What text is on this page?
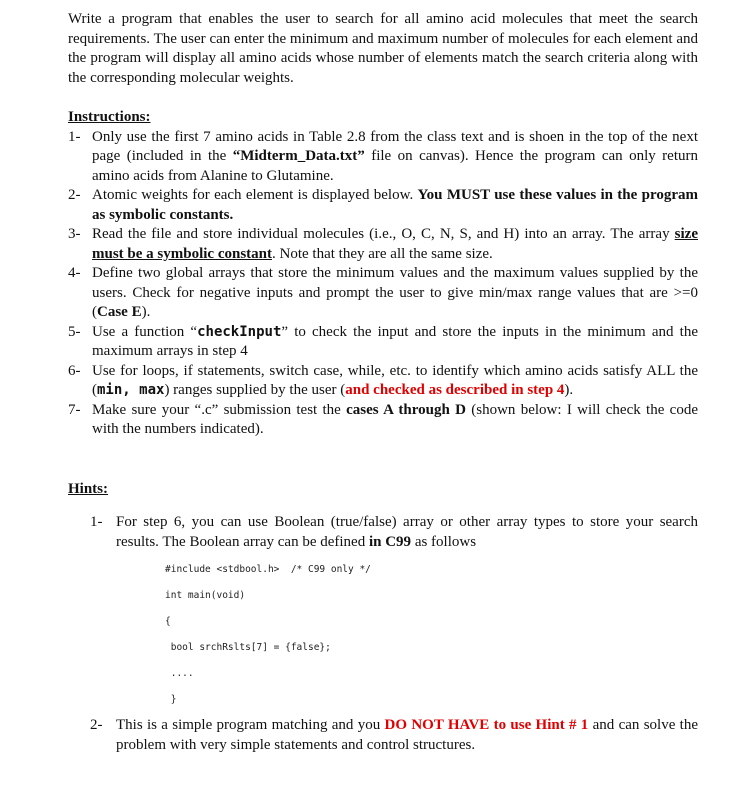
Write a program that enables the user to search for all amino acid molecules that meet the search requirements. The user can enter the minimum and maximum number of molecules for each element and the program will display all amino acids whose number of elements match the search criteria along with the corresponding molecular weights.

Instructions:
1- Only use the first 7 amino acids in Table 2.8 from the class text and is shoen in the top of the next page (included in the “Midterm_Data.txt” file on canvas). Hence the program can only return amino acids from Alanine to Glutamine.
2- Atomic weights for each element is displayed below. You MUST use these values in the program as symbolic constants.
3- Read the file and store individual molecules (i.e., O, C, N, S, and H) into an array. The array size must be a symbolic constant. Note that they are all the same size.
4- Define two global arrays that store the minimum values and the maximum values supplied by the users. Check for negative inputs and prompt the user to give min/max range values that are >=0 (Case E).
5- Use a function “checkInput” to check the input and store the inputs in the minimum and the maximum arrays in step 4
6- Use for loops, if statements, switch case, while, etc. to identify which amino acids satisfy ALL the (min, max) ranges supplied by the user (and checked as described in step 4).
7- Make sure your “.c” submission test the cases A through D (shown below: I will check the code with the numbers indicated).
Hints:
1- For step 6, you can use Boolean (true/false) array or other array types to store your search results. The Boolean array can be defined in C99 as follows
#include <stdbool.h>  /* C99 only */
int main(void)
{
bool srchRslts[7] = {false};
....
}
2- This is a simple program matching and you DO NOT HAVE to use Hint # 1 and can solve the problem with very simple statements and control structures.
